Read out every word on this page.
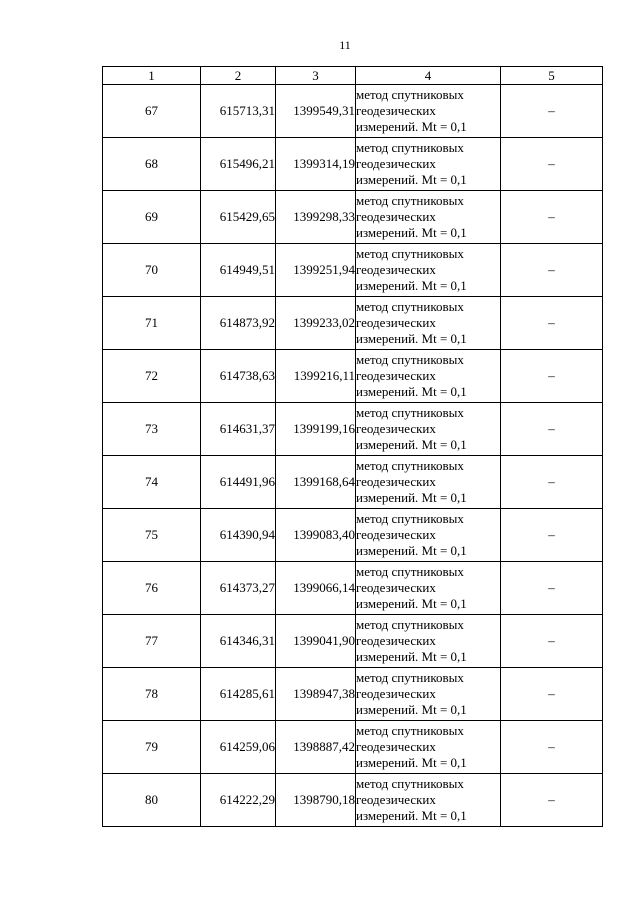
11
1	2	3	4	5
67	615713,31	1399549,31	метод спутниковых
геодезических
измерений. Mt = 0,1	–
68	615496,21	1399314,19	метод спутниковых
геодезических
измерений. Mt = 0,1	–
69	615429,65	1399298,33	метод спутниковых
геодезических
измерений. Mt = 0,1	–
70	614949,51	1399251,94	метод спутниковых
геодезических
измерений. Mt = 0,1	–
71	614873,92	1399233,02	метод спутниковых
геодезических
измерений. Mt = 0,1	–
72	614738,63	1399216,11	метод спутниковых
геодезических
измерений. Mt = 0,1	–
73	614631,37	1399199,16	метод спутниковых
геодезических
измерений. Mt = 0,1	–
74	614491,96	1399168,64	метод спутниковых
геодезических
измерений. Mt = 0,1	–
75	614390,94	1399083,40	метод спутниковых
геодезических
измерений. Mt = 0,1	–
76	614373,27	1399066,14	метод спутниковых
геодезических
измерений. Mt = 0,1	–
77	614346,31	1399041,90	метод спутниковых
геодезических
измерений. Mt = 0,1	–
78	614285,61	1398947,38	метод спутниковых
геодезических
измерений. Mt = 0,1	–
79	614259,06	1398887,42	метод спутниковых
геодезических
измерений. Mt = 0,1	–
80	614222,29	1398790,18	метод спутниковых
геодезических
измерений. Mt = 0,1	–
